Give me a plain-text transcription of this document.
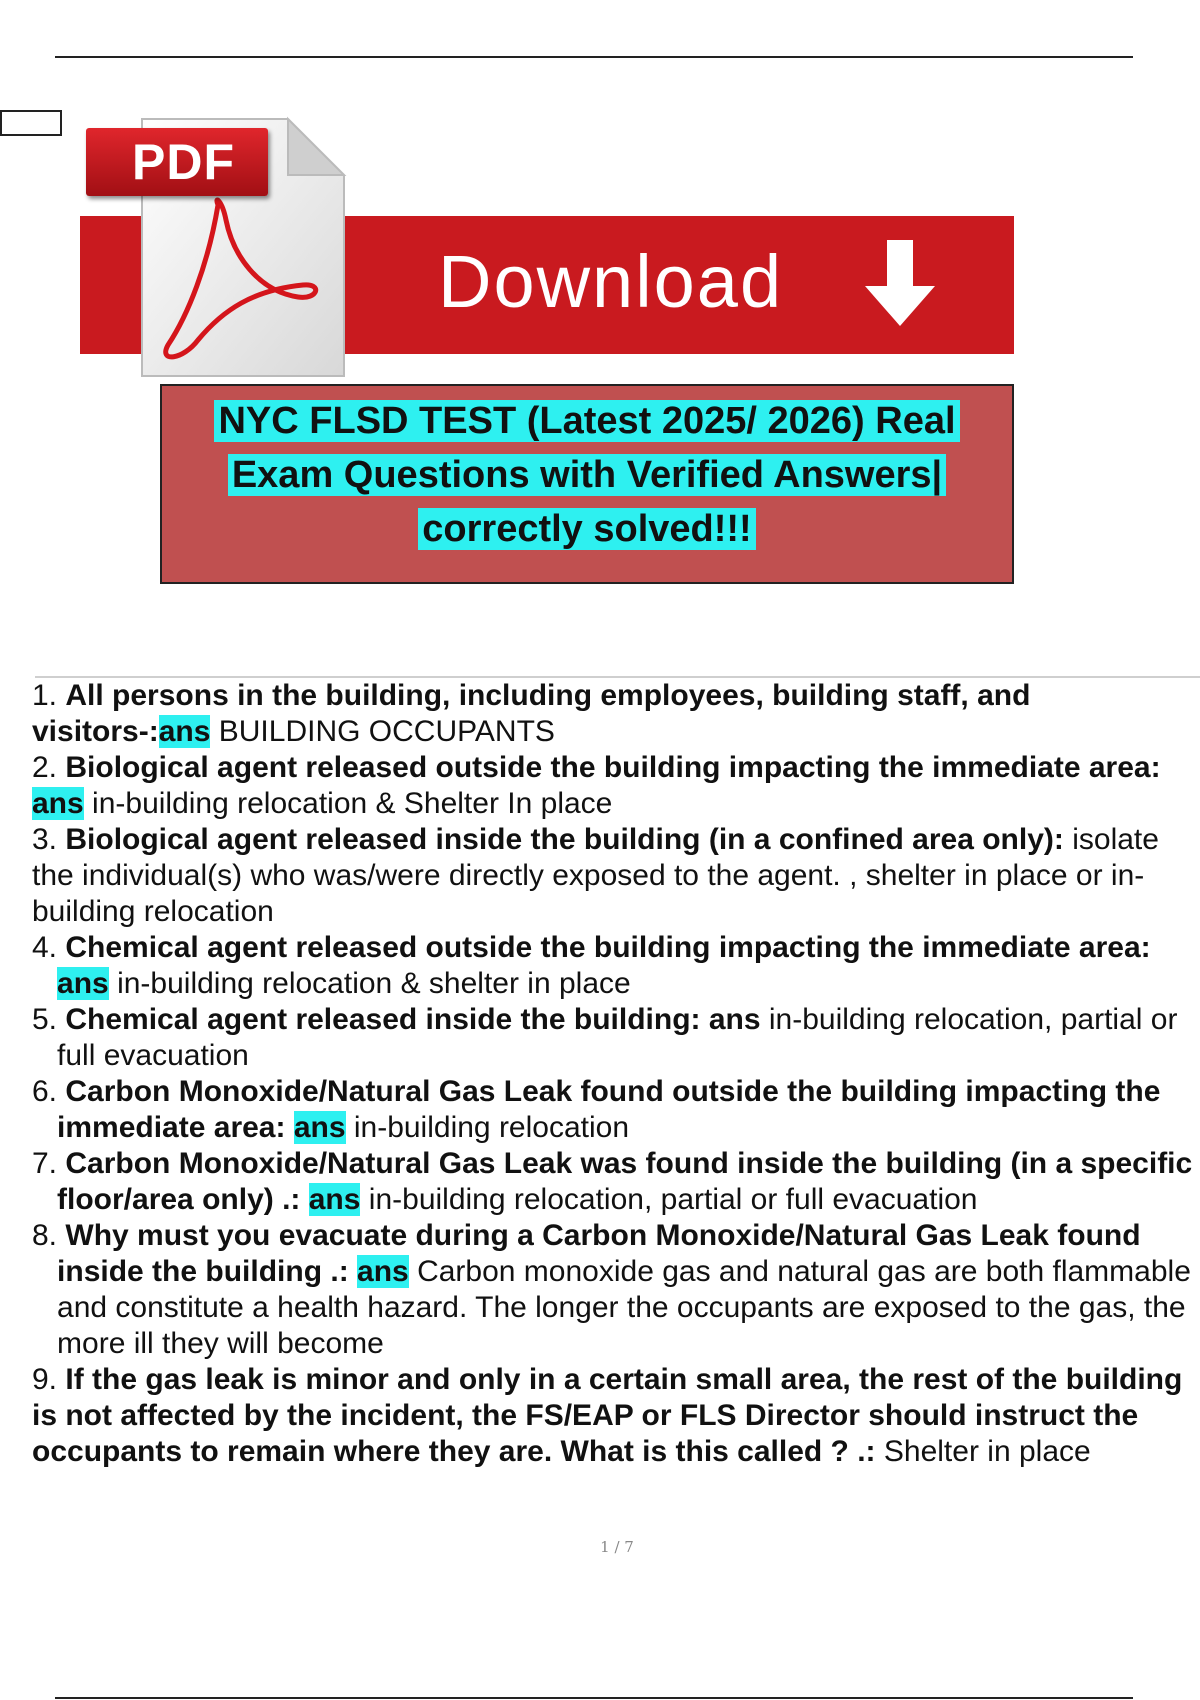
Download
PDF
NYC FLSD TEST (Latest 2025/ 2026) Real
Exam Questions with Verified Answers|
correctly solved!!!
1. All persons in the building, including employees, building staff, and visitors-:ans BUILDING OCCUPANTS
2. Biological agent released outside the building impacting the immediate area: ans in-building relocation & Shelter In place
3. Biological agent released inside the building (in a confined area only): isolate the individual(s) who was/were directly exposed to the agent. , shelter in place or in-building relocation
4. Chemical agent released outside the building impacting the immediate area: ans in-building relocation & shelter in place
5. Chemical agent released inside the building: ans in-building relocation, partial or full evacuation
6. Carbon Monoxide/Natural Gas Leak found outside the building impacting the immediate area: ans in-building relocation
7. Carbon Monoxide/Natural Gas Leak was found inside the building (in a specific floor/area only) .: ans in-building relocation, partial or full evacuation
8. Why must you evacuate during a Carbon Monoxide/Natural Gas Leak found inside the building .: ans Carbon monoxide gas and natural gas are both flammable and constitute a health hazard. The longer the occupants are exposed to the gas, the more ill they will become
9. If the gas leak is minor and only in a certain small area, the rest of the building is not affected by the incident, the FS/EAP or FLS Director should instruct the occupants to remain where they are. What is this called ? .: Shelter in place
1 / 7
